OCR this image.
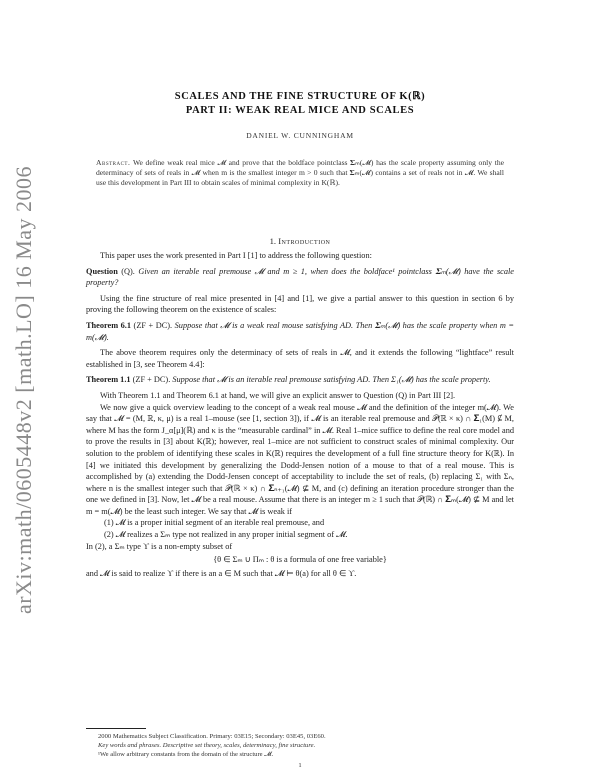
arXiv:math/0605448v2 [math.LO] 16 May 2006
SCALES AND THE FINE STRUCTURE OF K(ℝ)
PART II: WEAK REAL MICE AND SCALES
DANIEL W. CUNNINGHAM
Abstract. We define weak real mice 𝓜 and prove that the boldface pointclass 𝚺ₘ(𝓜) has the scale property assuming only the determinacy of sets of reals in 𝓜 when m is the smallest integer m > 0 such that 𝚺ₘ(𝓜) contains a set of reals not in 𝓜. We shall use this development in Part III to obtain scales of minimal complexity in K(ℝ).
1. Introduction
This paper uses the work presented in Part I [1] to address the following question:
Question (Q). Given an iterable real premouse 𝓜 and m ≥ 1, when does the boldface¹ pointclass 𝚺ₘ(𝓜) have the scale property?
Using the fine structure of real mice presented in [4] and [1], we give a partial answer to this question in section 6 by proving the following theorem on the existence of scales:
Theorem 6.1 (ZF + DC). Suppose that 𝓜 is a weak real mouse satisfying AD. Then 𝚺ₘ(𝓜) has the scale property when m = m(𝓜).
The above theorem requires only the determinacy of sets of reals in 𝓜, and it extends the following “lightface” result established in [3, see Theorem 4.4]:
Theorem 1.1 (ZF + DC). Suppose that 𝓜 is an iterable real premouse satisfying AD. Then Σ₁(𝓜) has the scale property.
With Theorem 1.1 and Theorem 6.1 at hand, we will give an explicit answer to Question (Q) in Part III [2].
We now give a quick overview leading to the concept of a weak real mouse 𝓜 and the definition of the integer m(𝓜). We say that 𝓜 = (M, ℝ, κ, μ) is a real 1–mouse (see [1, section 3]), if 𝓜 is an iterable real premouse and 𝒫(ℝ × κ) ∩ 𝚺₁(M) ⊈ M, where M has the form J_α[μ](ℝ) and κ is the “measurable cardinal” in 𝓜. Real 1–mice suffice to define the real core model and to prove the results in [3] about K(ℝ); however, real 1–mice are not sufficient to construct scales of minimal complexity. Our solution to the problem of identifying these scales in K(ℝ) requires the development of a full fine structure theory for K(ℝ). In [4] we initiated this development by generalizing the Dodd-Jensen notion of a mouse to that of a real mouse. This is accomplished by (a) extending the Dodd-Jensen concept of acceptability to include the set of reals, (b) replacing Σ₁ with Σₙ, where n is the smallest integer such that 𝒫(ℝ × κ) ∩ 𝚺ₙ₊₁(𝓜) ⊈ M, and (c) defining an iteration procedure stronger than the one we defined in [3]. Now, let 𝓜 be a real mouse. Assume that there is an integer m ≥ 1 such that 𝒫(ℝ) ∩ 𝚺ₘ(𝓜) ⊈ M and let m = m(𝓜) be the least such integer. We say that 𝓜 is weak if
(1) 𝓜 is a proper initial segment of an iterable real premouse, and
(2) 𝓜 realizes a Σₘ type not realized in any proper initial segment of 𝓜.
In (2), a Σₘ type ϒ is a non-empty subset of
{θ ∈ Σₘ ∪ Πₘ : θ is a formula of one free variable}
and 𝓜 is said to realize ϒ if there is an a ∈ M such that 𝓜 ⊨ θ(a) for all θ ∈ ϒ.
2000 Mathematics Subject Classification. Primary: 03E15; Secondary: 03E45, 03E60.
Key words and phrases. Descriptive set theory, scales, determinacy, fine structure.
¹We allow arbitrary constants from the domain of the structure 𝓜.
1
